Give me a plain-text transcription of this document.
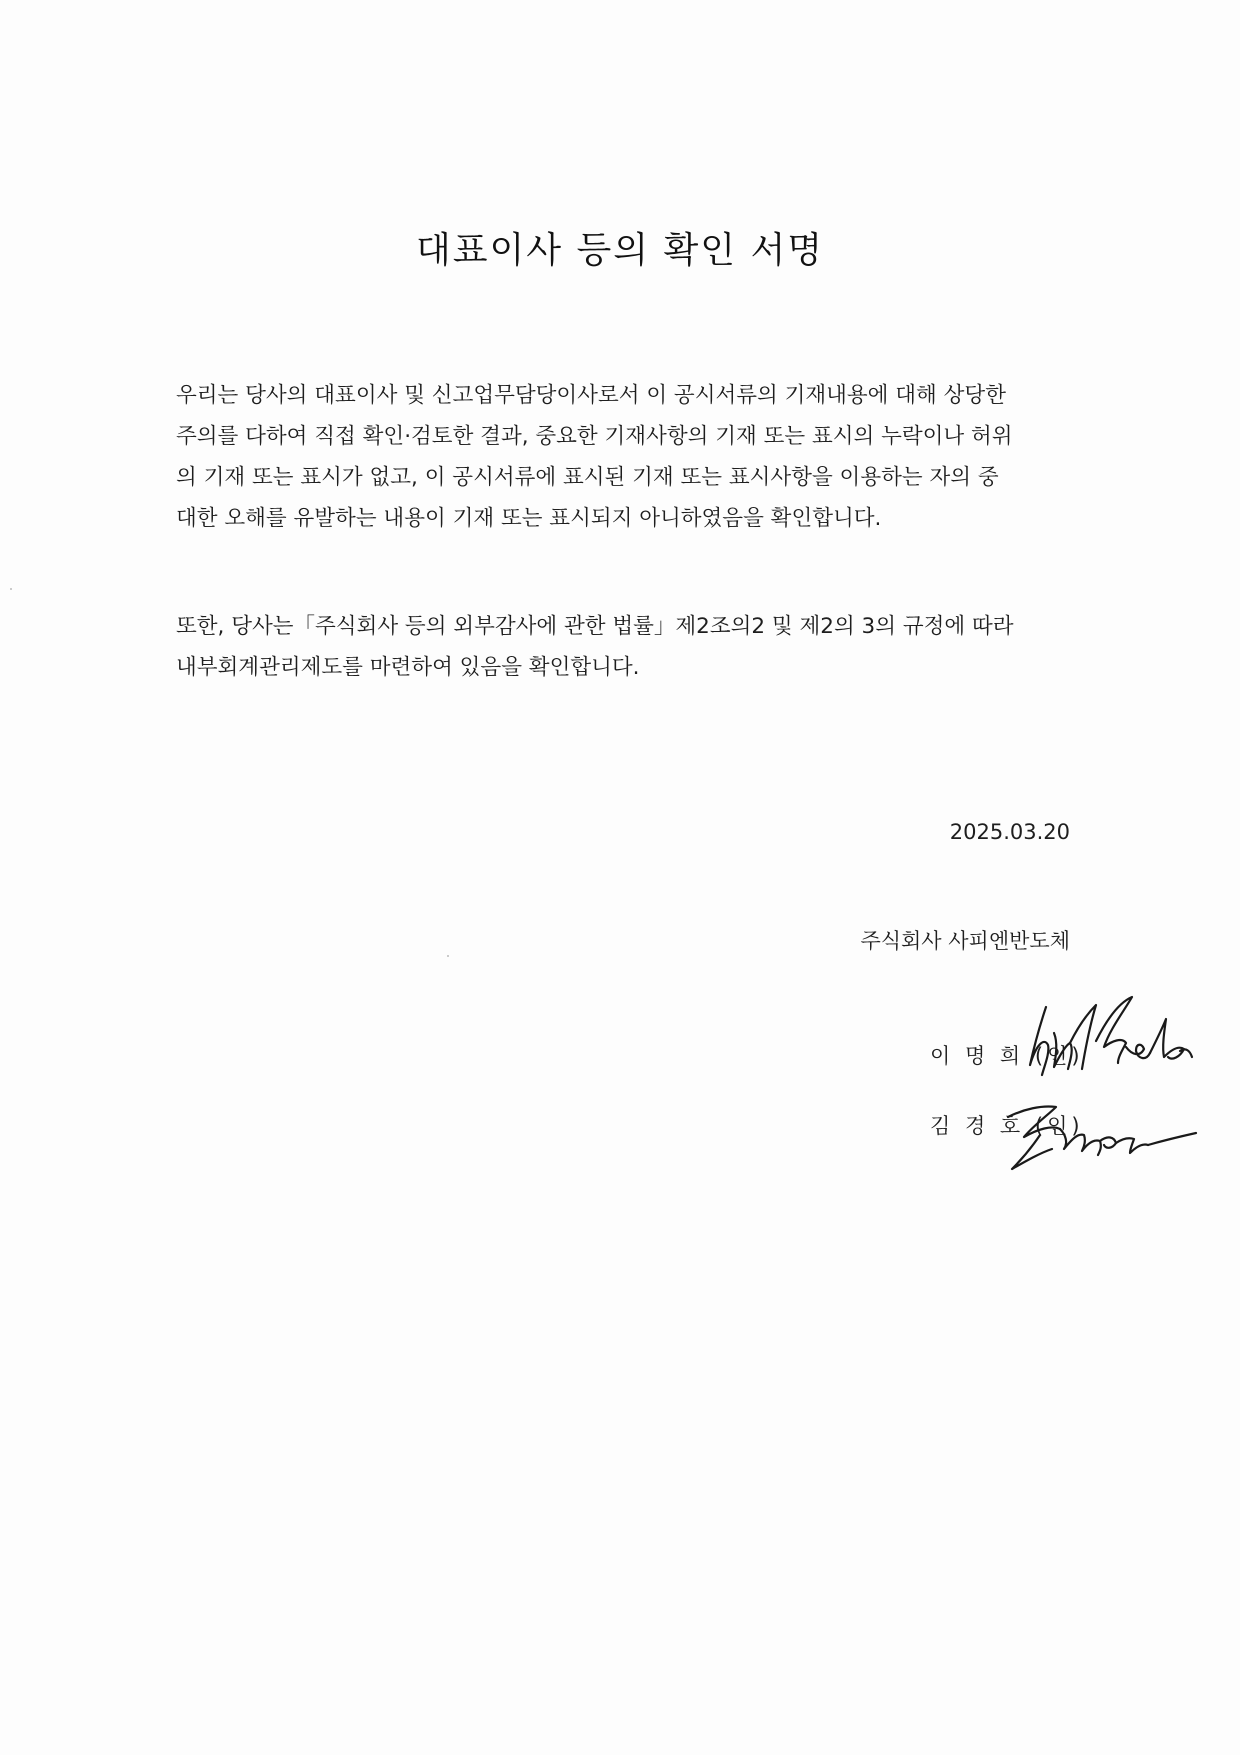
대표이사 등의 확인 서명
우리는 당사의 대표이사 및 신고업무담당이사로서 이 공시서류의 기재내용에 대해 상당한
주의를 다하여 직접 확인·검토한 결과, 중요한 기재사항의 기재 또는 표시의 누락이나 허위
의 기재 또는 표시가 없고, 이 공시서류에 표시된 기재 또는 표시사항을 이용하는 자의 중
대한 오해를 유발하는 내용이 기재 또는 표시되지 아니하였음을 확인합니다.
또한, 당사는「주식회사 등의 외부감사에 관한 법률」제2조의2 및 제2의 3의 규정에 따라
내부회계관리제도를 마련하여 있음을 확인합니다.
2025.03.20
주식회사 사피엔반도체
이 명 희 (인)
김 경 호 (인)
